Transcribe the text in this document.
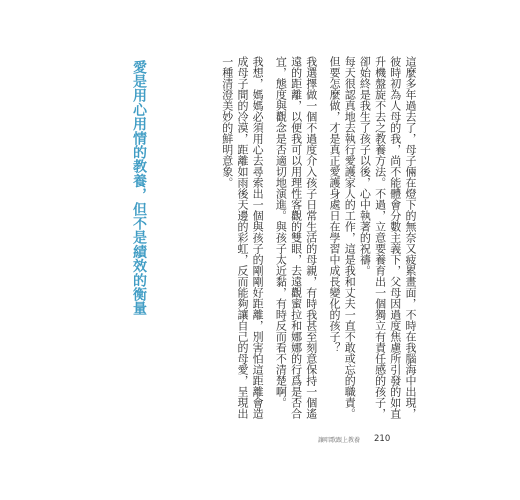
愛是用心用情的教養，但不是績效的衡量	這麼多年過去了，母子倆在燈下的無奈又疲累畫面，不時在我腦海中出現，彼時初為人母的我，尚不能體會分數主義下，父母因過度焦慮所引發的如直升機盤旋不去之教養方法。不過，立意要養育出一個獨立有責任感的孩子，卻始終是我生了孩子以後，心中執著的祝禱。

每天很認真地去執行愛護家人的工作，這是我和丈夫一直不敢或忘的職責。但要怎麼做，才是真正愛護身處日在學習中成長變化的孩子？

我選擇做一個不過度介入孩子日常生活的母親，有時我甚至刻意保持一個遙遠的距離，以便我可以用理性客觀的雙眼，去遠觀蜜拉和娜娜的行爲是否合宜，態度與觀念是否適切地演進。與孩子太近黏，有時反而看不清楚啊。

我想，媽媽必須用心去尋索出一個與孩子的剛剛好距離，別害怕這距離會造成母子間的冷漠，距離如雨後天邊的彩虹，反而能夠讓自己的母愛，呈現出一種清澄美妙的鮮明意象。

讓唱歌跟上教養 210
